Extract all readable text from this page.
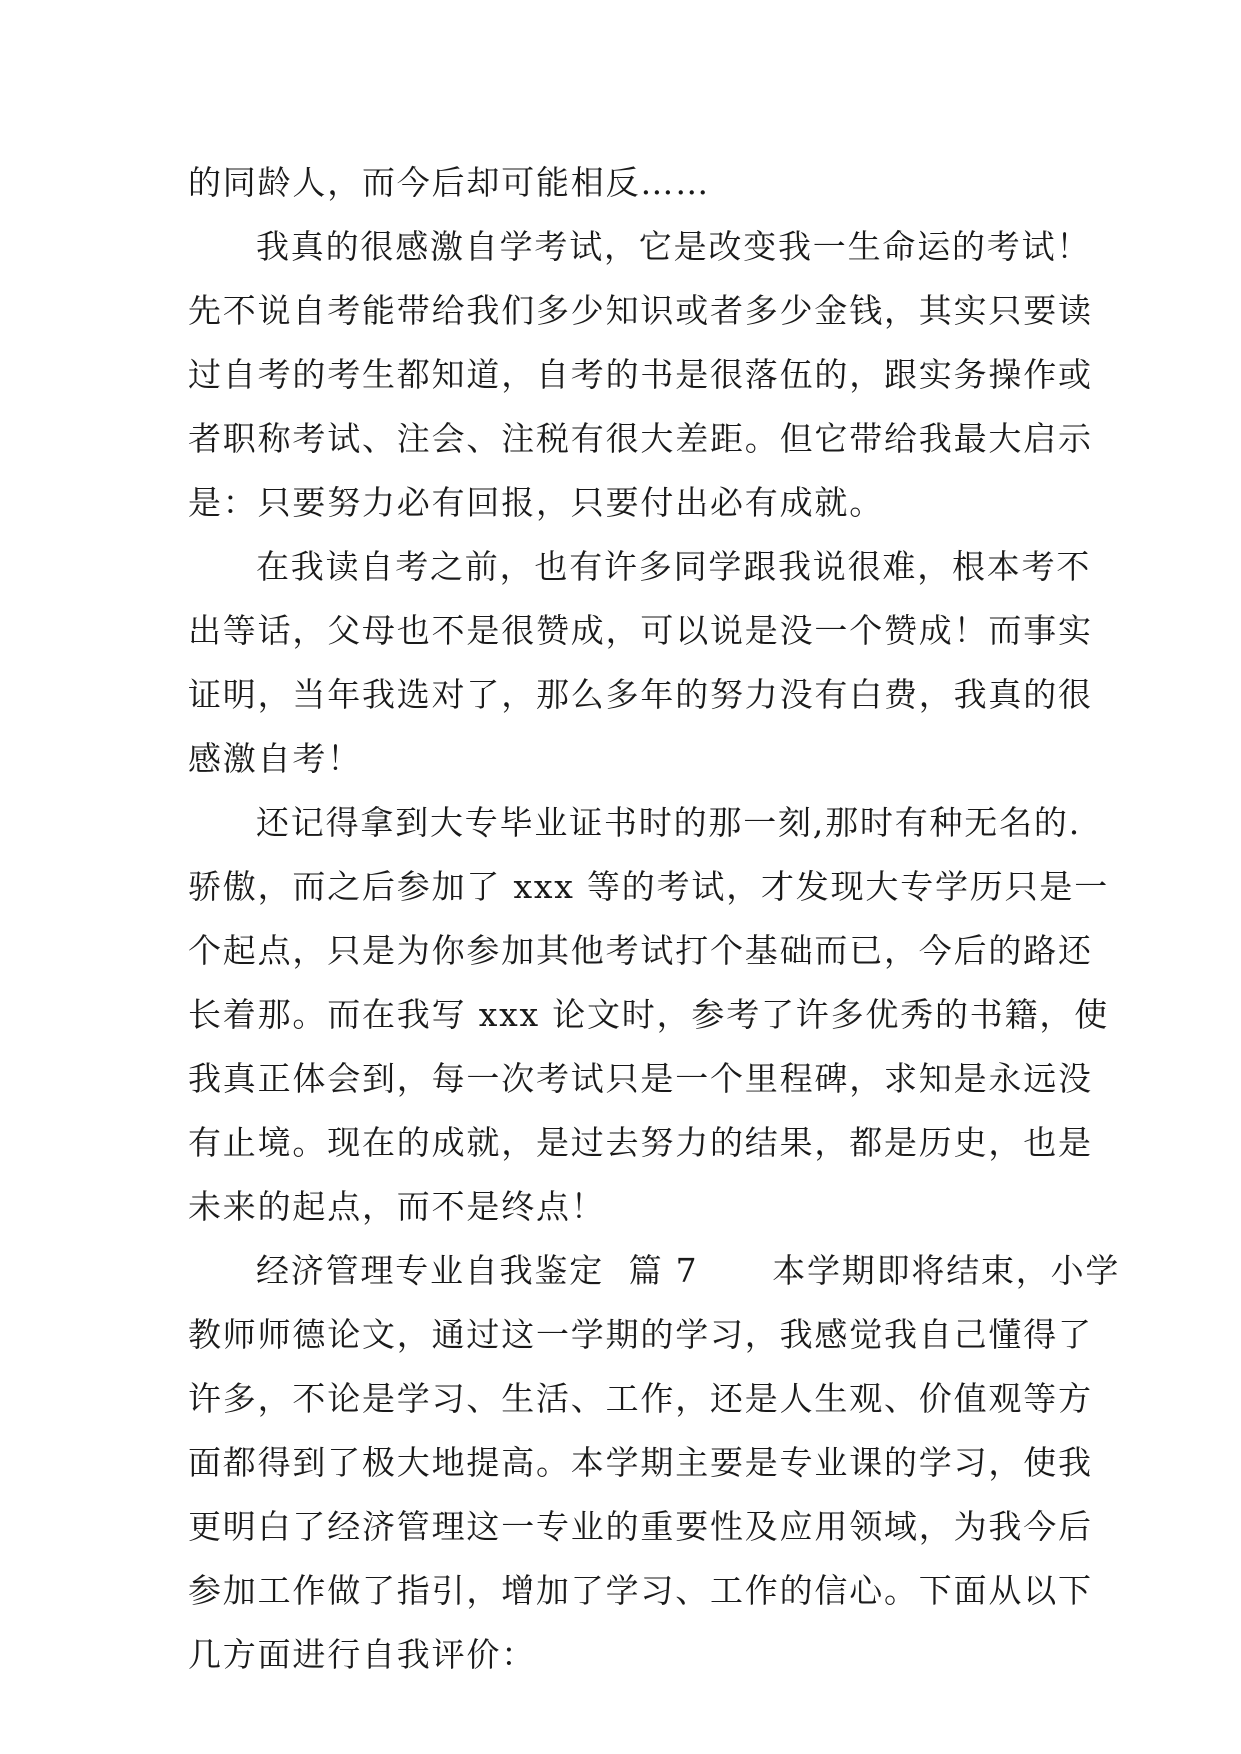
的同龄人，而今后却可能相反……
我真的很感激自学考试，它是改变我一生命运的考试！
先不说自考能带给我们多少知识或者多少金钱，其实只要读
过自考的考生都知道，自考的书是很落伍的，跟实务操作或
者职称考试、注会、注税有很大差距。但它带给我最大启示
是：只要努力必有回报，只要付出必有成就。
在我读自考之前，也有许多同学跟我说很难，根本考不
出等话，父母也不是很赞成，可以说是没一个赞成！而事实
证明，当年我选对了，那么多年的努力没有白费，我真的很
感激自考！
还记得拿到大专毕业证书时的那一刻,那时有种无名的.
骄傲，而之后参加了 xxx 等的考试，才发现大专学历只是一
个起点，只是为你参加其他考试打个基础而已，今后的路还
长着那。而在我写 xxx 论文时，参考了许多优秀的书籍，使
我真正体会到，每一次考试只是一个里程碑，求知是永远没
有止境。现在的成就，是过去努力的结果，都是历史，也是
未来的起点，而不是终点！
经济管理专业自我鉴定  篇 7      本学期即将结束，小学
教师师德论文，通过这一学期的学习，我感觉我自己懂得了
许多，不论是学习、生活、工作，还是人生观、价值观等方
面都得到了极大地提高。本学期主要是专业课的学习，使我
更明白了经济管理这一专业的重要性及应用领域，为我今后
参加工作做了指引，增加了学习、工作的信心。下面从以下
几方面进行自我评价：
